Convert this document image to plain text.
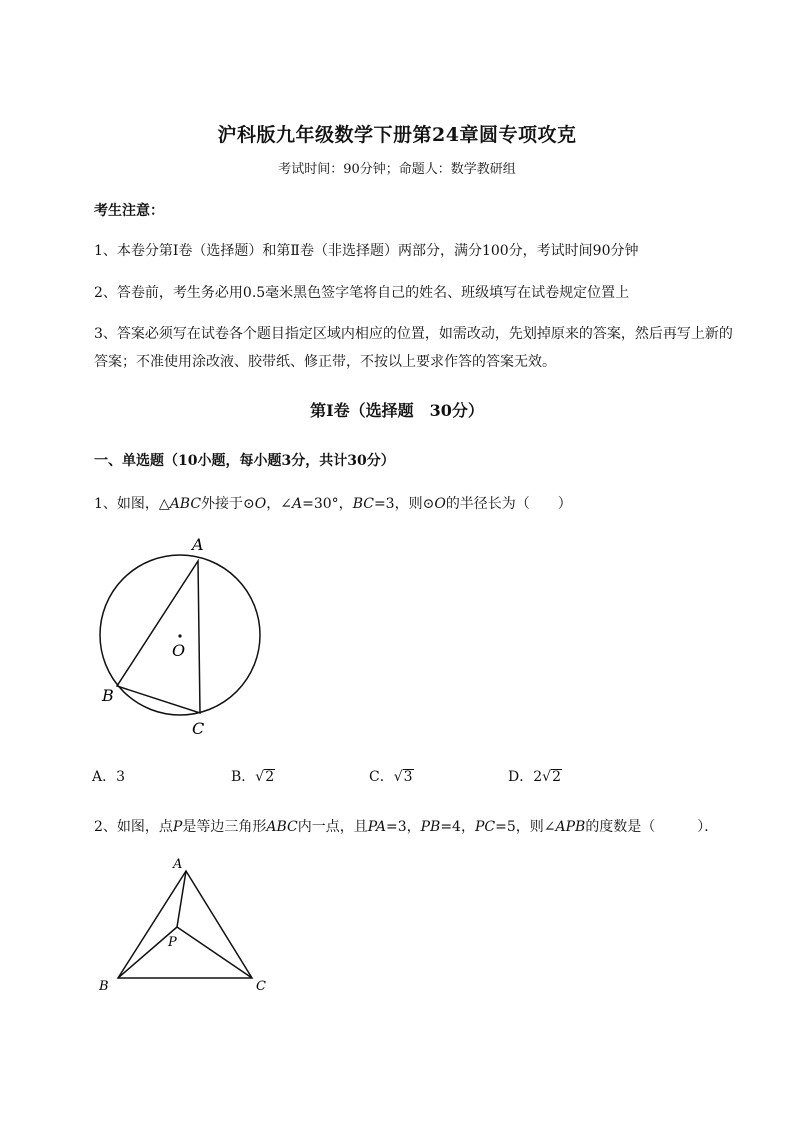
沪科版九年级数学下册第24章圆专项攻克
考试时间：90分钟；命题人：数学教研组
考生注意：
1、本卷分第I卷（选择题）和第Ⅱ卷（非选择题）两部分，满分100分，考试时间90分钟
2、答卷前，考生务必用0.5毫米黑色签字笔将自己的姓名、班级填写在试卷规定位置上
3、答案必须写在试卷各个题目指定区域内相应的位置，如需改动，先划掉原来的答案，然后再写上新的答案；不准使用涂改液、胶带纸、修正带，不按以上要求作答的答案无效。
第I卷（选择题　30分）
一、单选题（10小题，每小题3分，共计30分）
1、如图，△ABC外接于⊙O，∠A=30°，BC=3，则⊙O的半径长为（　　）
A
B
C
O
A．3	B．√2	C．√3	D．2√2
2、如图，点P是等边三角形ABC内一点，且PA=3，PB=4，PC=5，则∠APB的度数是（　　　）．
A
B	C
P
